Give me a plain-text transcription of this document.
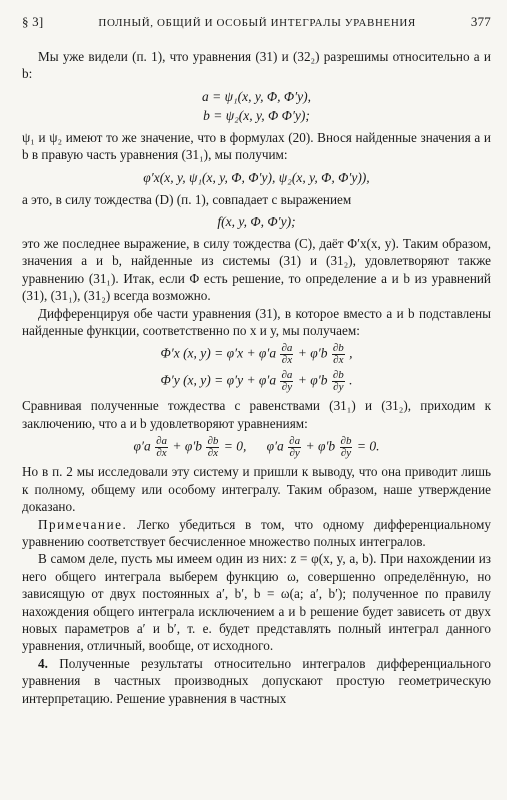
§ 3]	ПОЛНЫЙ, ОБЩИЙ И ОСОБЫЙ ИНТЕГРАЛЫ УРАВНЕНИЯ	377

Мы уже видели (п. 1), что уравнения (31) и (32₂) разрешимы относительно a и b:

a = ψ₁(x, y, Φ, Φ′y),
b = ψ₂(x, y, Φ Φ′y);

ψ₁ и ψ₂ имеют то же значение, что в формулах (20). Внося найденные значения a и b в правую часть уравнения (31₁), мы получим:

φ′x(x, y, ψ₁(x, y, Φ, Φ′y), ψ₂(x, y, Φ, Φ′y)),

а это, в силу тождества (D) (п. 1), совпадает с выражением

f(x, y, Φ, Φ′y);

это же последнее выражение, в силу тождества (C), даёт Φ′x(x, y). Таким образом, значения a и b, найденные из системы (31) и (31₂), удовлетворяют также уравнению (31₁). Итак, если Φ есть решение, то определение a и b из уравнений (31), (31₁), (31₂) всегда возможно.

Дифференцируя обе части уравнения (31), в которое вместо a и b подставлены найденные функции, соответственно по x и y, мы получаем:

Φ′x (x, $y) = \varphi'x + \varphi'a \frac{\partial a}{\partial x} + \varphi'b \frac{\partial b}{\partial x}$ ,
Φ′y (x, $y) = \varphi'y + \varphi'a \frac{\partial a}{\partial y} + \varphi'b \frac{\partial b}{\partial y}$ .

Сравнивая полученные тождества с равенствами (31₁) и (31₂), приходим к заключению, что a и b удовлетворяют уравнениям:

$\varphi'a \frac{\partial a}{\partial x} + \varphi'b \frac{\partial b}{\partial x} = 0$, $\varphi'a \frac{\partial a}{\partial y} + \varphi'b \frac{\partial b}{\partial y} = 0$.

Но в п. 2 мы исследовали эту систему и пришли к выводу, что она приводит лишь к полному, общему или особому интегралу. Таким образом, наше утверждение доказано.

Примечание. Легко убедиться в том, что одному дифференциальному уравнению соответствует бесчисленное множество полных интегралов.

В самом деле, пусть мы имеем один из них: z = φ(x, y, a, b). При нахождении из него общего интеграла выберем функцию ω, совершенно определённую, но зависящую от двух постоянных a′, b′, b = ω(a; a′, b′); полученное по правилу нахождения общего интеграла исключением a и b решение будет зависеть от двух новых параметров a′ и b′, т. е. будет представлять полный интеграл данного уравнения, отличный, вообще, от исходного.

4. Полученные результаты относительно интегралов дифференциального уравнения в частных производных допускают простую геометрическую интерпретацию. Решение уравнения в частных
